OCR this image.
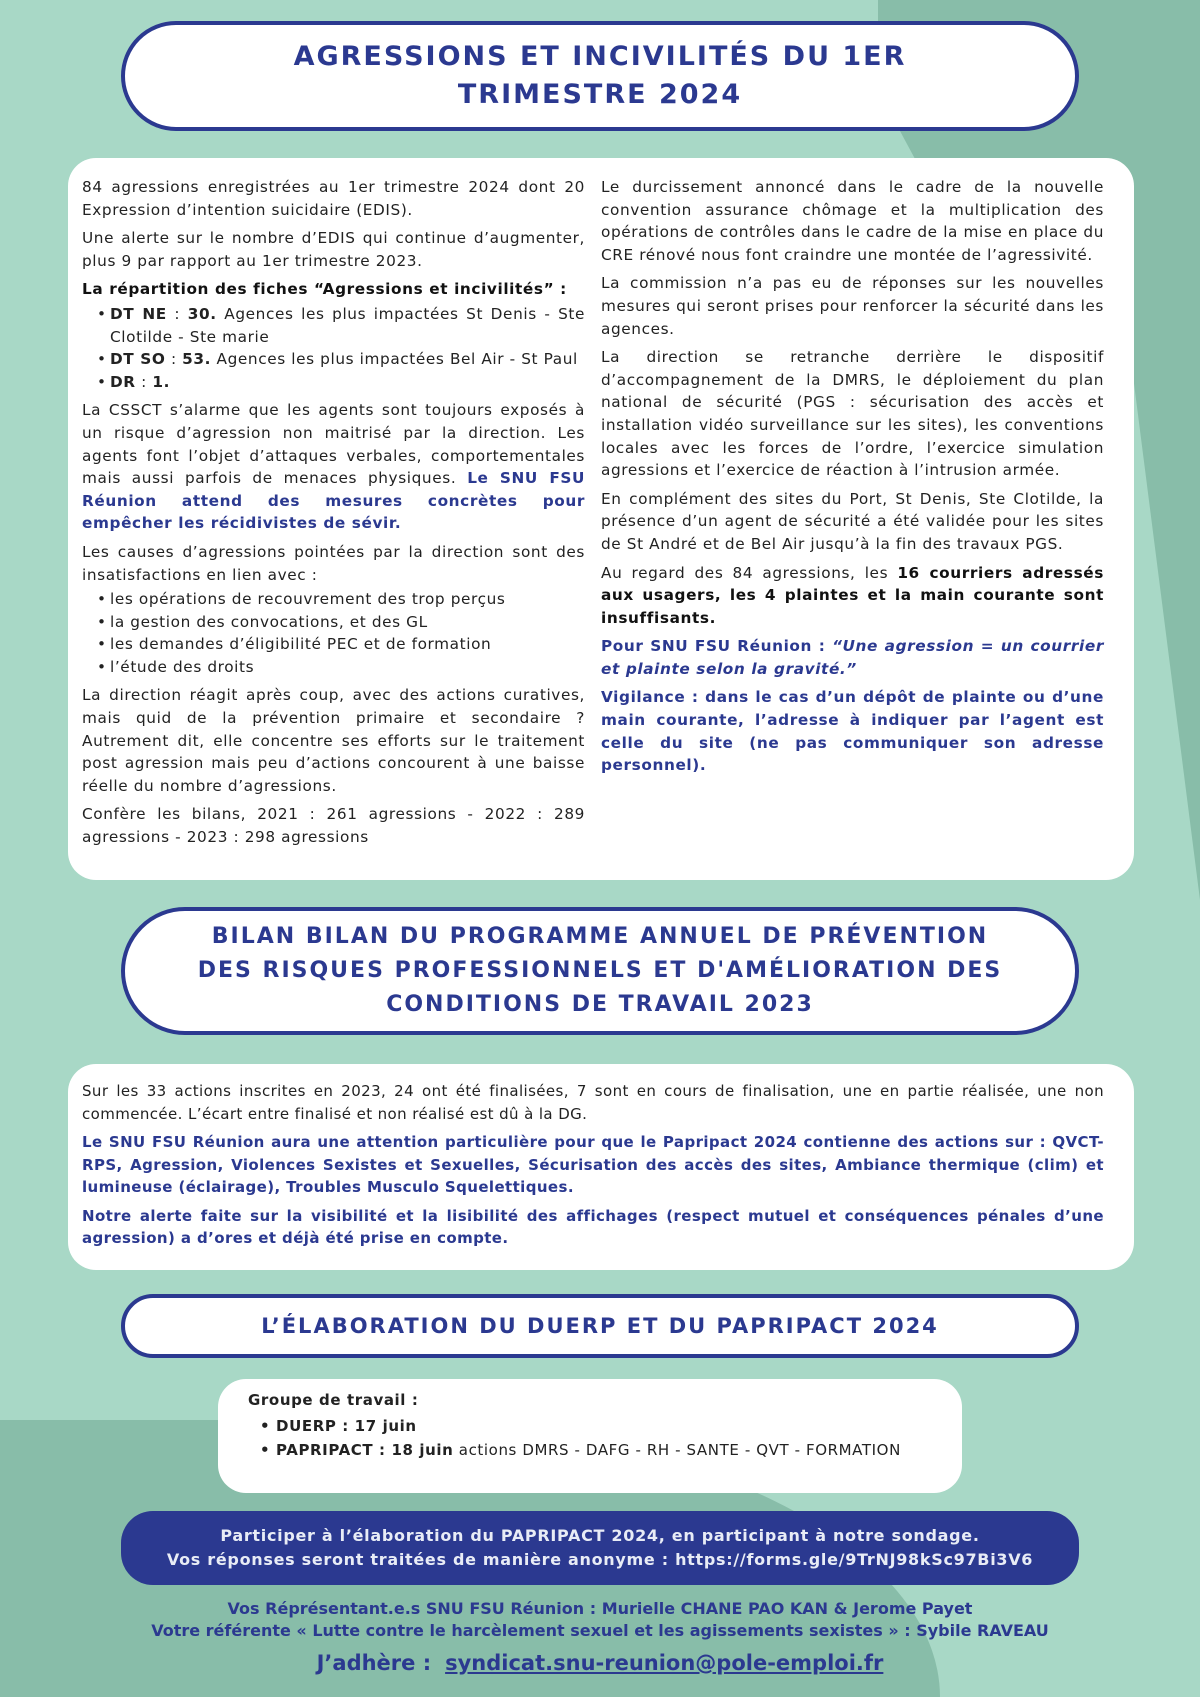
AGRESSIONS ET INCIVILITÉS DU 1ER
TRIMESTRE 2024

84 agressions enregistrées au 1er trimestre 2024 dont 20 Expression d’intention suicidaire (EDIS).

Une alerte sur le nombre d’EDIS qui continue d’augmenter, plus 9 par rapport au 1er trimestre 2023.

La répartition des fiches “Agressions et incivilités” :

• DT NE : 30. Agences les plus impactées St Denis - Ste Clotilde - Ste marie
• DT SO : 53. Agences les plus impactées Bel Air - St Paul
• DR : 1.

La CSSCT s’alarme que les agents sont toujours exposés à un risque d’agression non maitrisé par la direction. Les agents font l’objet d’attaques verbales, comportementales mais aussi parfois de menaces physiques. Le SNU FSU Réunion attend des mesures concrètes pour empêcher les récidivistes de sévir.

Les causes d’agressions pointées par la direction sont des insatisfactions en lien avec :

• les opérations de recouvrement des trop perçus
• la gestion des convocations, et des GL
• les demandes d’éligibilité PEC et de formation
• l’étude des droits

La direction réagit après coup, avec des actions curatives, mais quid de la prévention primaire et secondaire ? Autrement dit, elle concentre ses efforts sur le traitement post agression mais peu d’actions concourent à une baisse réelle du nombre d’agressions.

Confère les bilans, 2021 : 261 agressions - 2022 : 289 agressions - 2023 : 298 agressions

Le durcissement annoncé dans le cadre de la nouvelle convention assurance chômage et la multiplication des opérations de contrôles dans le cadre de la mise en place du CRE rénové nous font craindre une montée de l’agressivité.

La commission n’a pas eu de réponses sur les nouvelles mesures qui seront prises pour renforcer la sécurité dans les agences.

La direction se retranche derrière le dispositif d’accompagnement de la DMRS, le déploiement du plan national de sécurité (PGS : sécurisation des accès et installation vidéo surveillance sur les sites), les conventions locales avec les forces de l’ordre, l’exercice simulation agressions et l’exercice de réaction à l’intrusion armée.

En complément des sites du Port, St Denis, Ste Clotilde, la présence d’un agent de sécurité a été validée pour les sites de St André et de Bel Air jusqu’à la fin des travaux PGS.

Au regard des 84 agressions, les 16 courriers adressés aux usagers, les 4 plaintes et la main courante sont insuffisants.

Pour SNU FSU Réunion : “Une agression = un courrier et plainte selon la gravité.”

Vigilance : dans le cas d’un dépôt de plainte ou d’une main courante, l’adresse à indiquer par l’agent est celle du site (ne pas communiquer son adresse personnel).

BILAN BILAN DU PROGRAMME ANNUEL DE PRÉVENTION
DES RISQUES PROFESSIONNELS ET D'AMÉLIORATION DES
CONDITIONS DE TRAVAIL 2023

Sur les 33 actions inscrites en 2023, 24 ont été finalisées, 7 sont en cours de finalisation, une en partie réalisée, une non commencée. L’écart entre finalisé et non réalisé est dû à la DG.

Le SNU FSU Réunion aura une attention particulière pour que le Papripact 2024 contienne des actions sur : QVCT-RPS, Agression, Violences Sexistes et Sexuelles, Sécurisation des accès des sites, Ambiance thermique (clim) et lumineuse (éclairage), Troubles Musculo Squelettiques.

Notre alerte faite sur la visibilité et la lisibilité des affichages (respect mutuel et conséquences pénales d’une agression) a d’ores et déjà été prise en compte.

L’ÉLABORATION DU DUERP ET DU PAPRIPACT 2024
Groupe de travail :
• DUERP : 17 juin
• PAPRIPACT : 18 juin actions DMRS - DAFG - RH - SANTE - QVT - FORMATION
Participer à l’élaboration du PAPRIPACT 2024, en participant à notre sondage.
Vos réponses seront traitées de manière anonyme : https://forms.gle/9TrNJ98kSc97Bi3V6
Vos Réprésentant.e.s SNU FSU Réunion : Murielle CHANE PAO KAN & Jerome Payet
Votre référente « Lutte contre le harcèlement sexuel et les agissements sexistes » : Sybile RAVEAU
J’adhère : syndicat.snu-reunion@pole-emploi.fr
